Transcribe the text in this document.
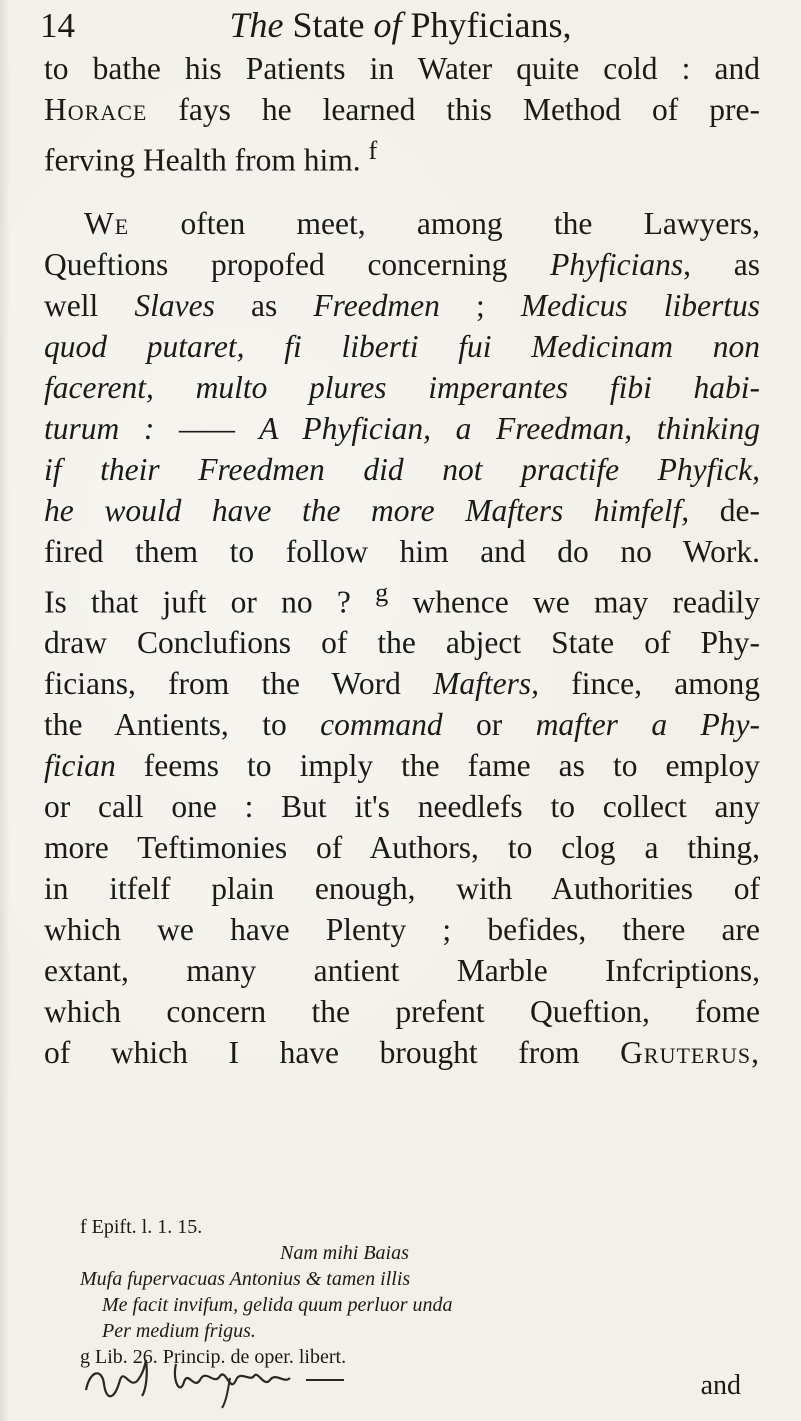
14	The State of Phyficians,
to bathe his Patients in Water quite cold : and
Horace fays he learned this Method of pre-
ferving Health from him. $^f$
We often meet, among the Lawyers,
Queftions propofed concerning Phyficians, as
well Slaves as Freedmen ; Medicus libertus
quod putaret, fi liberti fui Medicinam non
facerent, multo plures imperantes fibi habi-
turum : —— A Phyfician, a Freedman, thinking
if their Freedmen did not practife Phyfick,
he would have the more Mafters himfelf, de-
fired them to follow him and do no Work.
Is that juft or no ? $^g$ whence we may readily
draw Conclufions of the abject State of Phy-
ficians, from the Word Mafters, fince, among
the Antients, to command or mafter a Phy-
fician feems to imply the fame as to employ
or call one : But it's needlefs to collect any
more Teftimonies of Authors, to clog a thing,
in itfelf plain enough, with Authorities of
which we have Plenty ; befides, there are
extant, many antient Marble Infcriptions,
which concern the prefent Queftion, fome
of which I have brought from Gruterus,
f Epift. l. 1. 15.
Nam mihi Baias
Mufa fupervacuas Antonius & tamen illis
Me facit invifum, gelida quum perluor unda
Per medium frigus.
g Lib. 26. Princip. de oper. libert.
and
